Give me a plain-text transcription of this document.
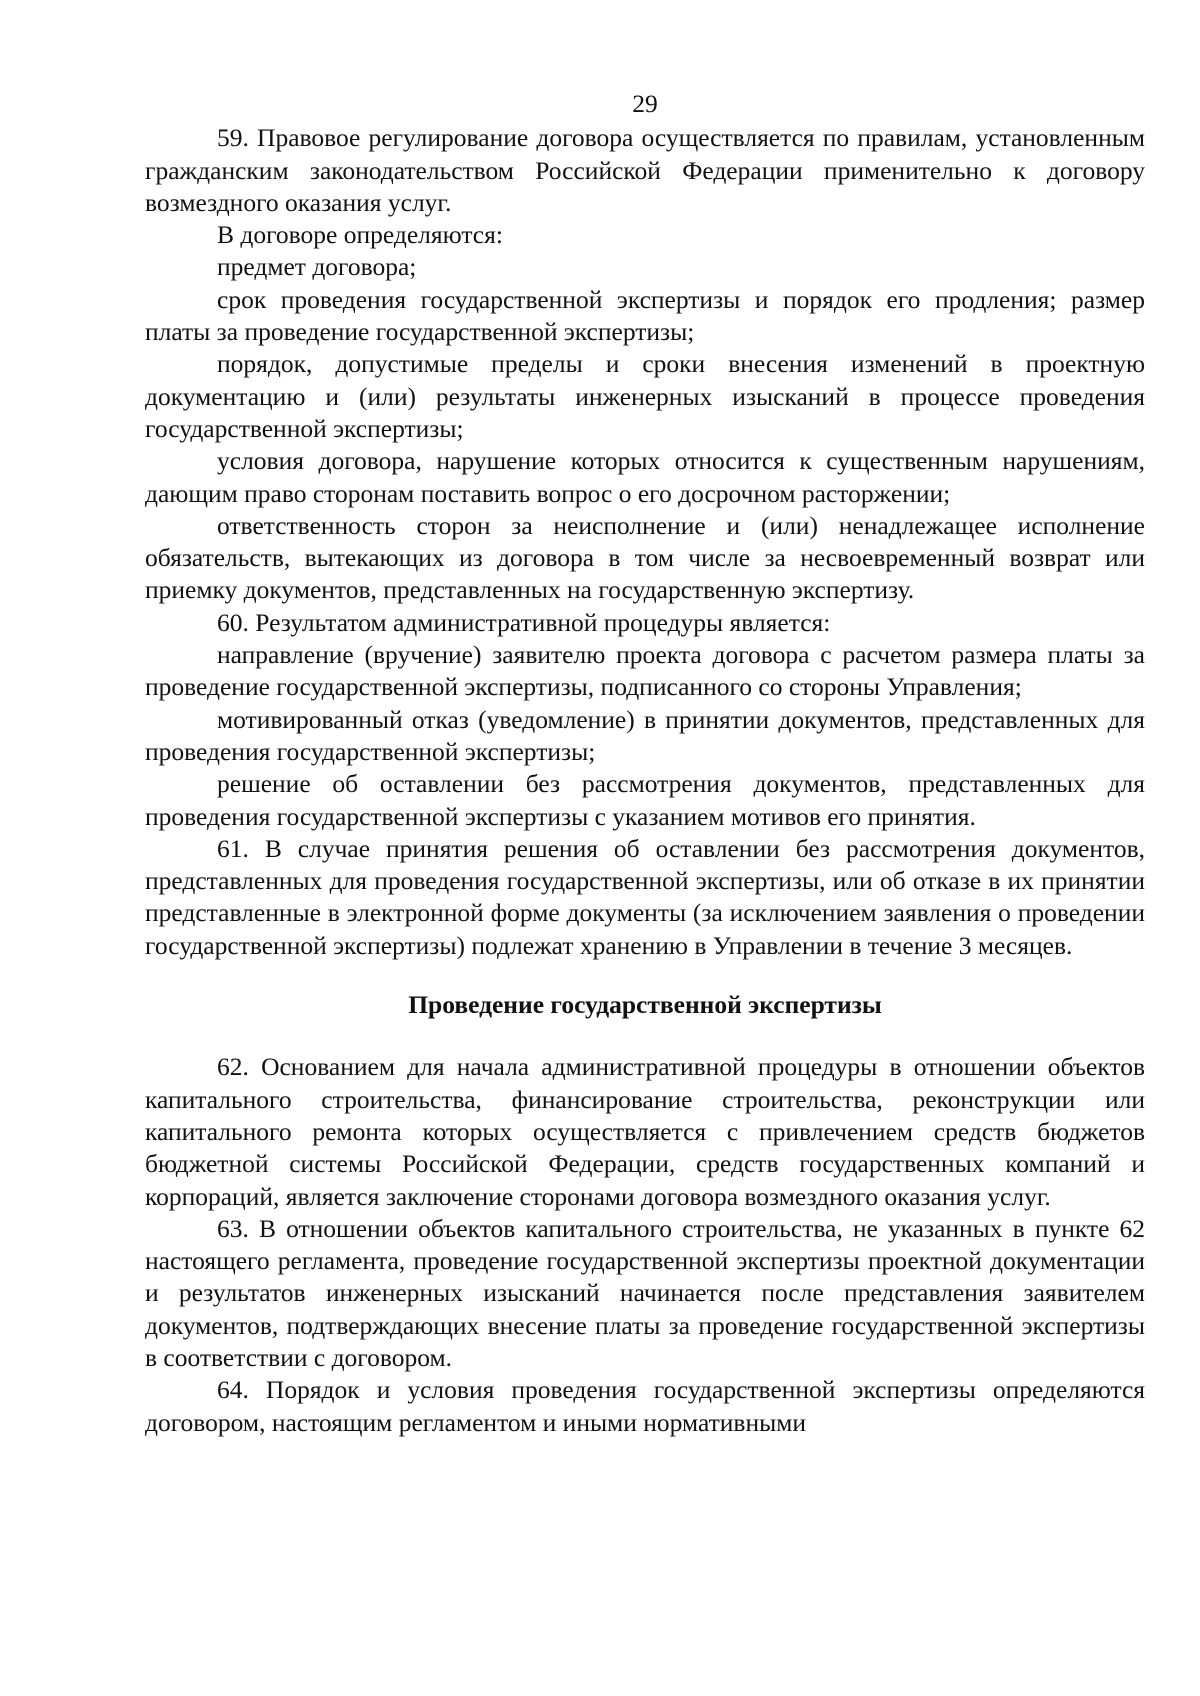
29

59. Правовое регулирование договора осуществляется по правилам, установленным гражданским законодательством Российской Федерации применительно к договору возмездного оказания услуг.

В договоре определяются:

предмет договора;

срок проведения государственной экспертизы и порядок его продления; размер платы за проведение государственной экспертизы;

порядок, допустимые пределы и сроки внесения изменений в проектную документацию и (или) результаты инженерных изысканий в процессе проведения государственной экспертизы;

условия договора, нарушение которых относится к существенным нарушениям, дающим право сторонам поставить вопрос о его досрочном расторжении;

ответственность сторон за неисполнение и (или) ненадлежащее исполнение обязательств, вытекающих из договора в том числе за несвоевременный возврат или приемку документов, представленных на государственную экспертизу.

60. Результатом административной процедуры является:

направление (вручение) заявителю проекта договора с расчетом размера платы за проведение государственной экспертизы, подписанного со стороны Управления;

мотивированный отказ (уведомление) в принятии документов, представленных для проведения государственной экспертизы;

решение об оставлении без рассмотрения документов, представленных для проведения государственной экспертизы с указанием мотивов его принятия.

61. В случае принятия решения об оставлении без рассмотрения документов, представленных для проведения государственной экспертизы, или об отказе в их принятии представленные в электронной форме документы (за исключением заявления о проведении государственной экспертизы) подлежат хранению в Управлении в течение 3 месяцев.

Проведение государственной экспертизы

62. Основанием для начала административной процедуры в отношении объектов капитального строительства, финансирование строительства, реконструкции или капитального ремонта которых осуществляется с привлечением средств бюджетов бюджетной системы Российской Федерации, средств государственных компаний и корпораций, является заключение сторонами договора возмездного оказания услуг.

63. В отношении объектов капитального строительства, не указанных в пункте 62 настоящего регламента, проведение государственной экспертизы проектной документации и результатов инженерных изысканий начинается после представления заявителем документов, подтверждающих внесение платы за проведение государственной экспертизы в соответствии с договором.

64. Порядок и условия проведения государственной экспертизы определяются договором, настоящим регламентом и иными нормативными
